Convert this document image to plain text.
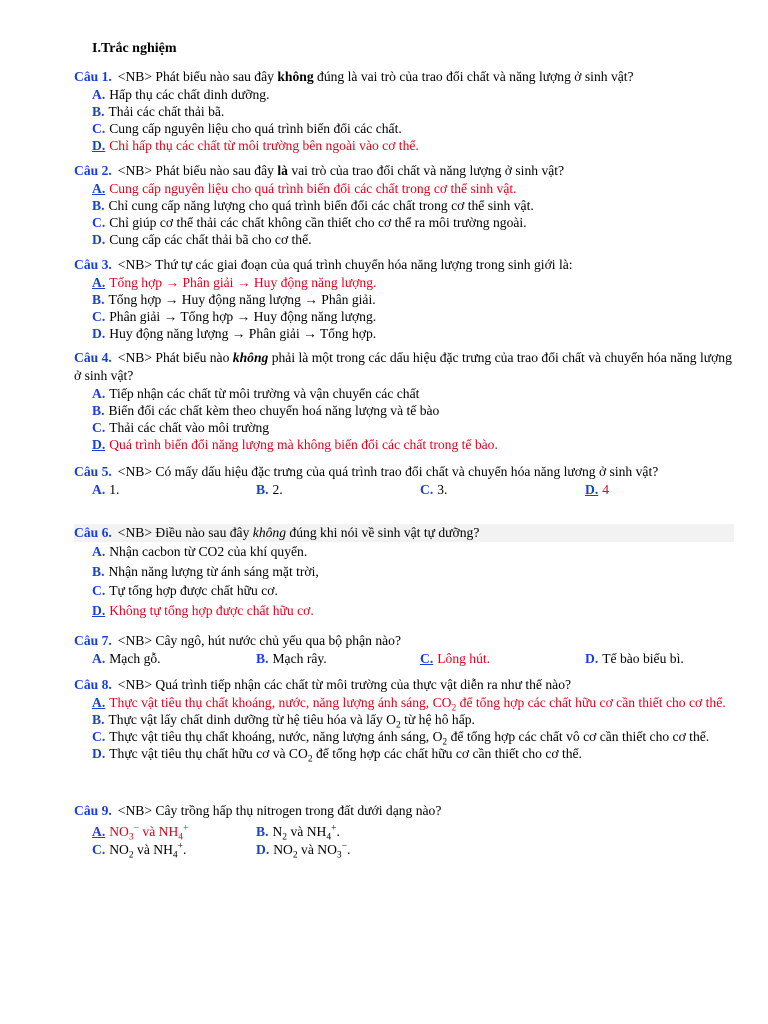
I.Trắc nghiệm
Câu 1. <NB> Phát biểu nào sau đây không đúng là vai trò của trao đổi chất và năng lượng ở sinh vật?
A. Hấp thụ các chất dinh dưỡng.
B. Thải các chất thải bã.
C. Cung cấp nguyên liệu cho quá trình biến đổi các chất.
D. Chỉ hấp thụ các chất từ môi trường bên ngoài vào cơ thể.
Câu 2. <NB> Phát biểu nào sau đây là vai trò của trao đổi chất và năng lượng ở sinh vật?
A. Cung cấp nguyên liệu cho quá trình biến đổi các chất trong cơ thể sinh vật.
B. Chỉ cung cấp năng lượng cho quá trình biến đổi các chất trong cơ thể sinh vật.
C. Chỉ giúp cơ thể thải các chất không cần thiết cho cơ thể ra môi trường ngoài.
D. Cung cấp các chất thải bã cho cơ thể.
Câu 3. <NB> Thứ tự các giai đoạn của quá trình chuyển hóa năng lượng trong sinh giới là:
A. Tổng hợp → Phân giải → Huy động năng lượng.
B. Tổng hợp → Huy động năng lượng → Phân giải.
C. Phân giải → Tổng hợp → Huy động năng lượng.
D. Huy động năng lượng → Phân giải → Tổng hợp.
Câu 4. <NB> Phát biểu nào không phải là một trong các dấu hiệu đặc trưng của trao đổi chất và chuyển hóa năng lượng ở sinh vật?
A. Tiếp nhận các chất từ môi trường và vận chuyển các chất
B. Biến đổi các chất kèm theo chuyển hoá năng lượng và tế bào
C. Thải các chất vào môi trường
D. Quá trình biến đổi năng lượng mà không biến đổi các chất trong tế bào.
Câu 5. <NB> Có mấy dấu hiệu đặc trưng của quá trình trao đổi chất và chuyển hóa năng lương ở sinh vật?
A. 1.	B. 2.	C. 3.	D. 4
Câu 6. <NB> Điều nào sau đây không đúng khi nói về sinh vật tự dưỡng?
A. Nhận cacbon từ CO2 của khí quyển.
B. Nhận năng lượng từ ánh sáng mặt trời,
C. Tự tổng hợp được chất hữu cơ.
D. Không tự tổng hợp được chất hữu cơ.
Câu 7. <NB> Cây ngô, hút nước chủ yếu qua bộ phận nào?
A. Mạch gỗ.	B. Mạch rây.	C. Lông hút.	D. Tế bào biểu bì.
Câu 8. <NB> Quá trình tiếp nhận các chất từ môi trường của thực vật diễn ra như thế nào?
A. Thực vật tiêu thụ chất khoáng, nước, năng lượng ánh sáng, $CO_2$ để tổng hợp các chất hữu cơ cần thiết cho cơ thể.
B. Thực vật lấy chất dinh dưỡng từ hệ tiêu hóa và lấy $O_2$ từ hệ hô hấp.
C. Thực vật tiêu thụ chất khoáng, nước, năng lượng ánh sáng, $O_2$ để tổng hợp các chất vô cơ cần thiết cho cơ thể.
D. Thực vật tiêu thụ chất hữu cơ và $CO_2$ để tổng hợp các chất hữu cơ cần thiết cho cơ thể.
Câu 9. <NB> Cây trồng hấp thụ nitrogen trong đất dưới dạng nào?
A. $NO_3^-$ và $NH_4^+$	B. $N_2$ và $NH_4^+$.
C. $NO_2$ và $NH_4^+$.	D. $NO_2$ và $NO_3^-$.
